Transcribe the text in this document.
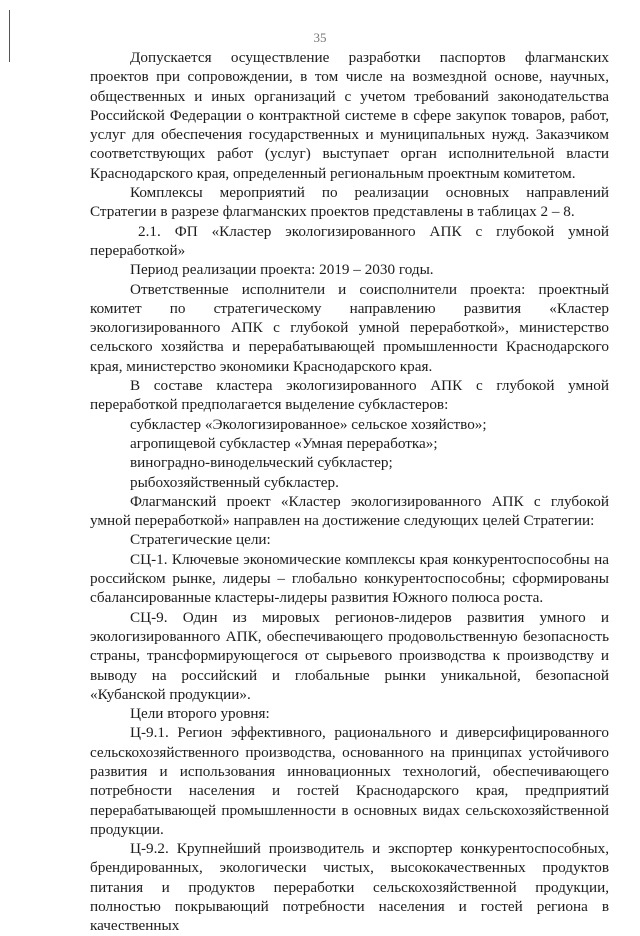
35

Допускается осуществление разработки паспортов флагманских проектов при сопровождении, в том числе на возмездной основе, научных, общественных и иных организаций с учетом требований законодательства Российской Федерации о контрактной системе в сфере закупок товаров, работ, услуг для обеспечения государственных и муниципальных нужд. Заказчиком соответствующих работ (услуг) выступает орган исполнительной власти Краснодарского края, определенный региональным проектным комитетом.

Комплексы мероприятий по реализации основных направлений Стратегии в разрезе флагманских проектов представлены в таблицах 2 – 8.

2.1. ФП «Кластер экологизированного АПК с глубокой умной переработкой»

Период реализации проекта: 2019 – 2030 годы.

Ответственные исполнители и соисполнители проекта: проектный комитет по стратегическому направлению развития «Кластер экологизированного АПК с глубокой умной переработкой», министерство сельского хозяйства и перерабатывающей промышленности Краснодарского края, министерство экономики Краснодарского края.

В составе кластера экологизированного АПК с глубокой умной переработкой предполагается выделение субкластеров:

субкластер «Экологизированное» сельское хозяйство»;

агропищевой субкластер «Умная переработка»;

виноградно-винодельческий субкластер;

рыбохозяйственный субкластер.

Флагманский проект «Кластер экологизированного АПК с глубокой умной переработкой» направлен на достижение следующих целей Стратегии:

Стратегические цели:

СЦ-1. Ключевые экономические комплексы края конкурентоспособны на российском рынке, лидеры – глобально конкурентоспособны; сформированы сбалансированные кластеры-лидеры развития Южного полюса роста.

СЦ-9. Один из мировых регионов-лидеров развития умного и экологизированного АПК, обеспечивающего продовольственную безопасность страны, трансформирующегося от сырьевого производства к производству и выводу на российский и глобальные рынки уникальной, безопасной «Кубанской продукции».

Цели второго уровня:

Ц-9.1. Регион эффективного, рационального и диверсифицированного сельскохозяйственного производства, основанного на принципах устойчивого развития и использования инновационных технологий, обеспечивающего потребности населения и гостей Краснодарского края, предприятий перерабатывающей промышленности в основных видах сельскохозяйственной продукции.

Ц-9.2. Крупнейший производитель и экспортер конкурентоспособных, брендированных, экологически чистых, высококачественных продуктов питания и продуктов переработки сельскохозяйственной продукции, полностью покрывающий потребности населения и гостей региона в качественных
